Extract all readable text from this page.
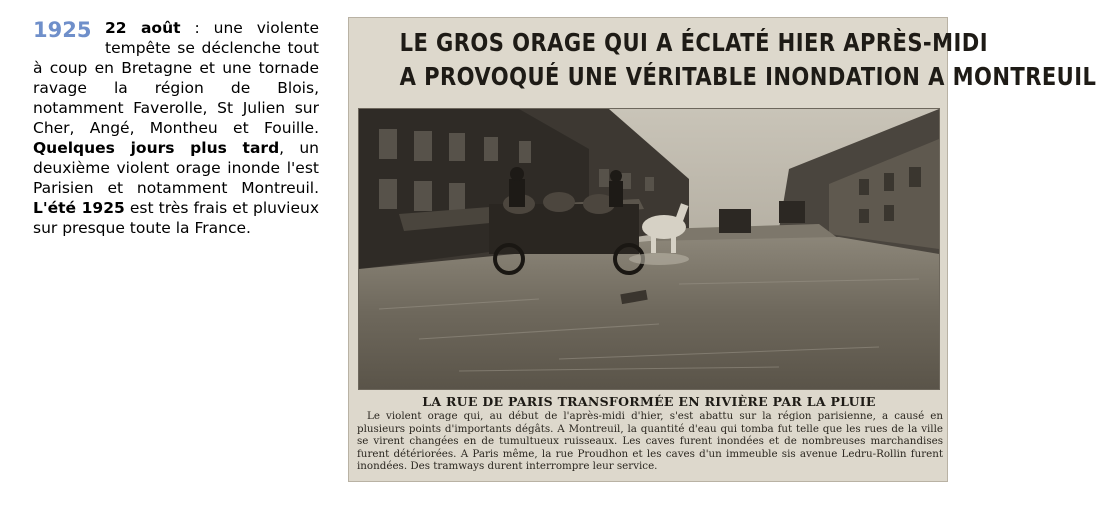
1925 22 août : une violente tempête se déclenche tout à coup en Bretagne et une tornade ravage la région de Blois, notamment Faverolle, St Julien sur Cher, Angé, Montheu et Fouille. Quelques jours plus tard, un deuxième violent orage inonde l'est Parisien et notamment Montreuil. L'été 1925 est très frais et pluvieux sur presque toute la France.
LE GROS ORAGE QUI A ÉCLATÉ HIER APRÈS-MIDI
A PROVOQUÉ UNE VÉRITABLE INONDATION A MONTREUIL
LA RUE DE PARIS TRANSFORMÉE EN RIVIÈRE PAR LA PLUIE
Le violent orage qui, au début de l'après-midi d'hier, s'est abattu sur la région parisienne, a causé en plusieurs points d'importants dégâts. A Montreuil, la quantité d'eau qui tomba fut telle que les rues de la ville se virent changées en de tumultueux ruisseaux. Les caves furent inondées et de nombreuses marchandises furent détériorées. A Paris même, la rue Proudhon et les caves d'un immeuble sis avenue Ledru-Rollin furent inondées. Des tramways durent interrompre leur service.
